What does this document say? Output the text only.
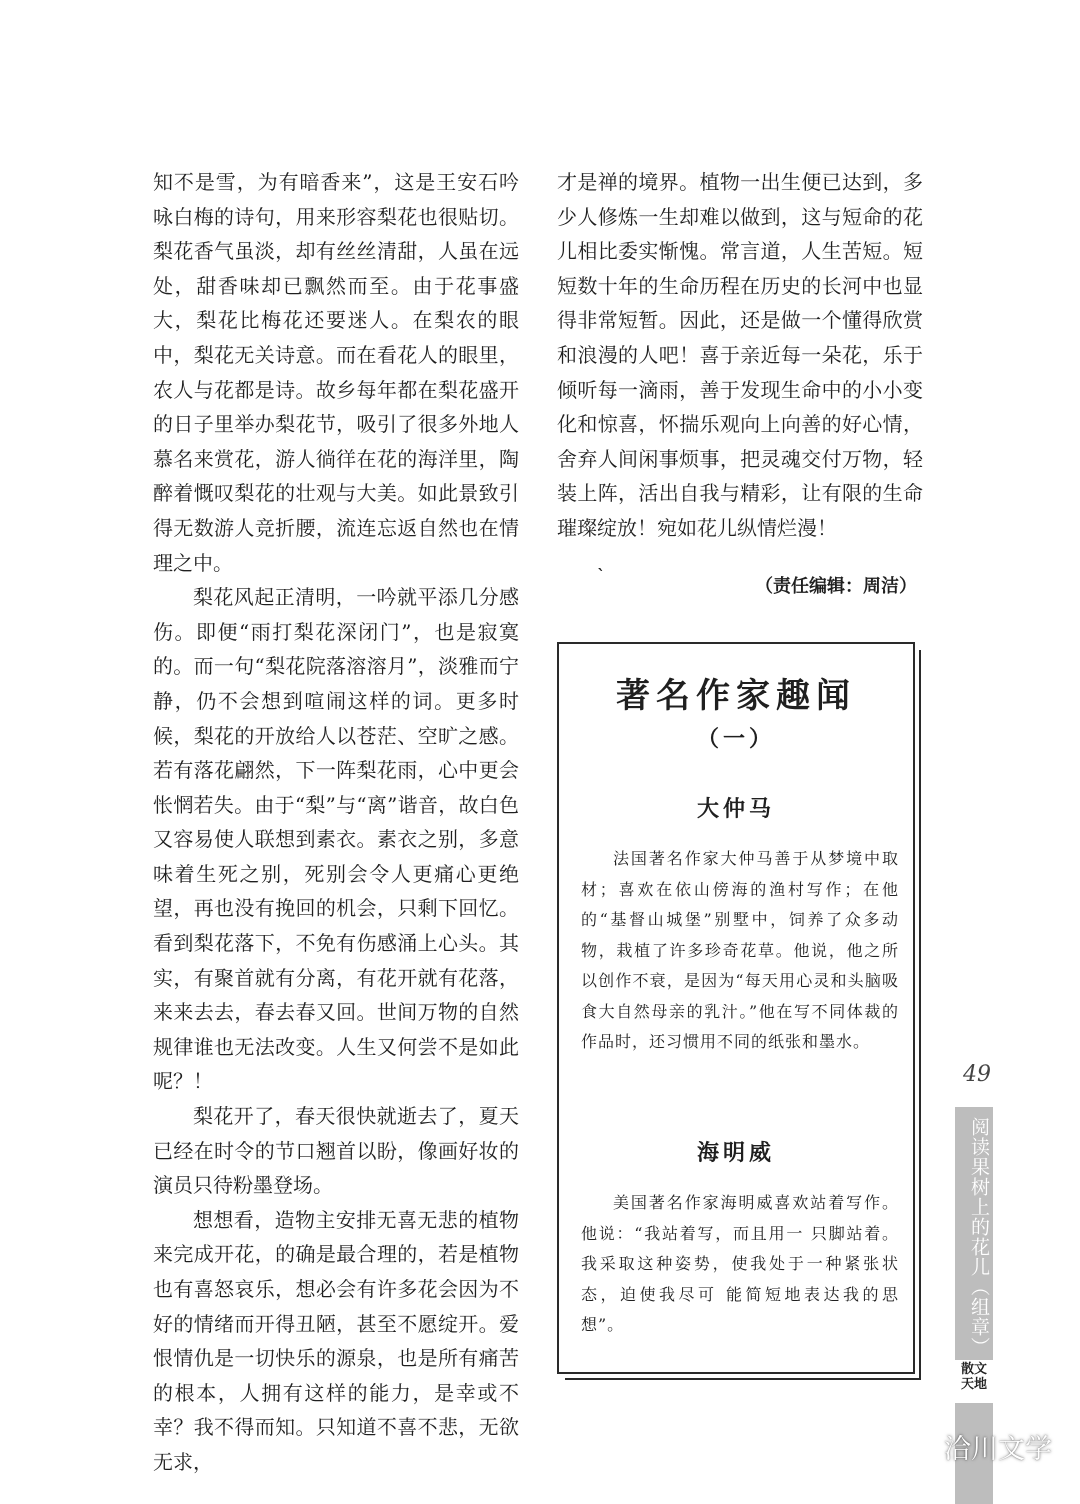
知不是雪，为有暗香来”，这是王安石吟咏白梅的诗句，用来形容梨花也很贴切。梨花香气虽淡，却有丝丝清甜，人虽在远处，甜香味却已飘然而至。由于花事盛大，梨花比梅花还要迷人。在梨农的眼中，梨花无关诗意。而在看花人的眼里，农人与花都是诗。故乡每年都在梨花盛开的日子里举办梨花节，吸引了很多外地人慕名来赏花，游人徜徉在花的海洋里，陶醉着慨叹梨花的壮观与大美。如此景致引得无数游人竞折腰，流连忘返自然也在情理之中。

梨花风起正清明，一吟就平添几分感伤。即便“雨打梨花深闭门”，也是寂寞的。而一句“梨花院落溶溶月”，淡雅而宁静，仍不会想到喧闹这样的词。更多时候，梨花的开放给人以苍茫、空旷之感。若有落花翩然，下一阵梨花雨，心中更会怅惘若失。由于“梨”与“离”谐音，故白色又容易使人联想到素衣。素衣之别，多意味着生死之别，死别会令人更痛心更绝望，再也没有挽回的机会，只剩下回忆。看到梨花落下，不免有伤感涌上心头。其实，有聚首就有分离，有花开就有花落，来来去去，春去春又回。世间万物的自然规律谁也无法改变。人生又何尝不是如此呢？！

梨花开了，春天很快就逝去了，夏天已经在时令的节口翘首以盼，像画好妆的演员只待粉墨登场。

想想看，造物主安排无喜无悲的植物来完成开花，的确是最合理的，若是植物也有喜怒哀乐，想必会有许多花会因为不好的情绪而开得丑陋，甚至不愿绽开。爱恨情仇是一切快乐的源泉，也是所有痛苦的根本，人拥有这样的能力，是幸或不幸？我不得而知。只知道不喜不悲，无欲无求，

才是禅的境界。植物一出生便已达到，多少人修炼一生却难以做到，这与短命的花儿相比委实惭愧。常言道，人生苦短。短短数十年的生命历程在历史的长河中也显得非常短暂。因此，还是做一个懂得欣赏和浪漫的人吧！喜于亲近每一朵花，乐于倾听每一滴雨，善于发现生命中的小小变化和惊喜，怀揣乐观向上向善的好心情，舍弃人间闲事烦事，把灵魂交付万物，轻装上阵，活出自我与精彩，让有限的生命璀璨绽放！宛如花儿纵情烂漫！

`
（责任编辑：周洁）
著名作家趣闻
（一）
大仲马

法国著名作家大仲马善于从梦境中取材；喜欢在依山傍海的渔村写作；在他的“基督山城堡”别墅中，饲养了众多动物，栽植了许多珍奇花草。他说，他之所以创作不衰，是因为“每天用心灵和头脑吸食大自然母亲的乳汁。”他在写不同体裁的作品时，还习惯用不同的纸张和墨水。

海明威

美国著名作家海明威喜欢站着写作。他说：“我站着写，而且用一 只脚站着。我采取这种姿势，使我处于一种紧张状态，迫使我尽可 能简短地表达我的思想”。

49
阅读果树上的花儿（组章）
散文
天地
洽川文学
